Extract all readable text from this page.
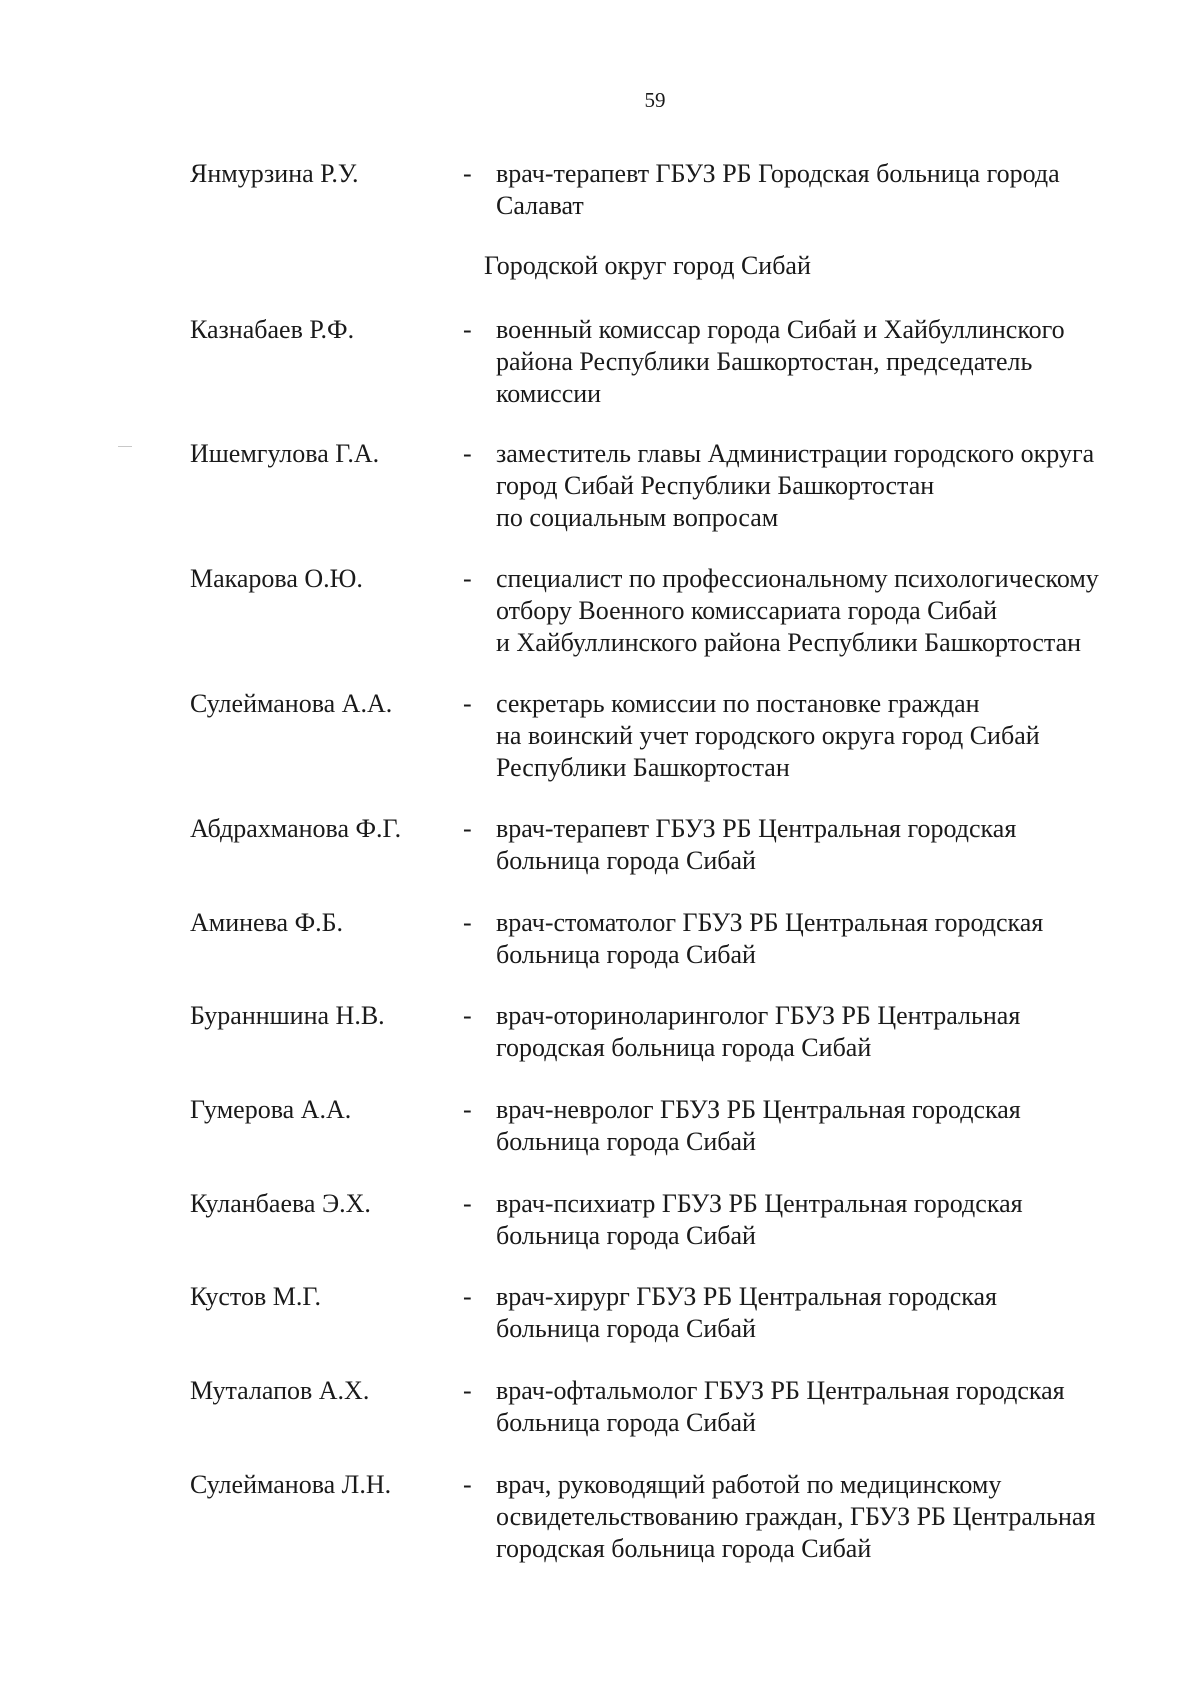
59
Янмурзина Р.У.	- врач-терапевт ГБУЗ РБ Городская больница города
Салават
Городской округ город Сибай
Казнабаев Р.Ф.	- военный комиссар города Сибай и Хайбуллинского
района Республики Башкортостан, председатель
комиссии
Ишемгулова Г.А.	- заместитель главы Администрации городского округа
город Сибай Республики Башкортостан
по социальным вопросам
Макарова О.Ю.	- специалист по профессиональному психологическому
отбору Военного комиссариата города Сибай
и Хайбуллинского района Республики Башкортостан
Сулейманова А.А.	- секретарь комиссии по постановке граждан
на воинский учет городского округа город Сибай
Республики Башкортостан
Абдрахманова Ф.Г. - врач-терапевт ГБУЗ РБ Центральная городская
больница города Сибай
Аминева Ф.Б.	- врач-стоматолог ГБУЗ РБ Центральная городская
больница города Сибай
Буранншина Н.В.	- врач-оториноларинголог ГБУЗ РБ Центральная
городская больница города Сибай
Гумерова А.А.	- врач-невролог ГБУЗ РБ Центральная городская
больница города Сибай
Куланбаева Э.Х.	- врач-психиатр ГБУЗ РБ Центральная городская
больница города Сибай
Кустов М.Г.	- врач-хирург ГБУЗ РБ Центральная городская
больница города Сибай
Муталапов А.Х.	- врач-офтальмолог ГБУЗ РБ Центральная городская
больница города Сибай
Сулейманова Л.Н.	- врач, руководящий работой по медицинскому
освидетельствованию граждан, ГБУЗ РБ Центральная
городская больница города Сибай
